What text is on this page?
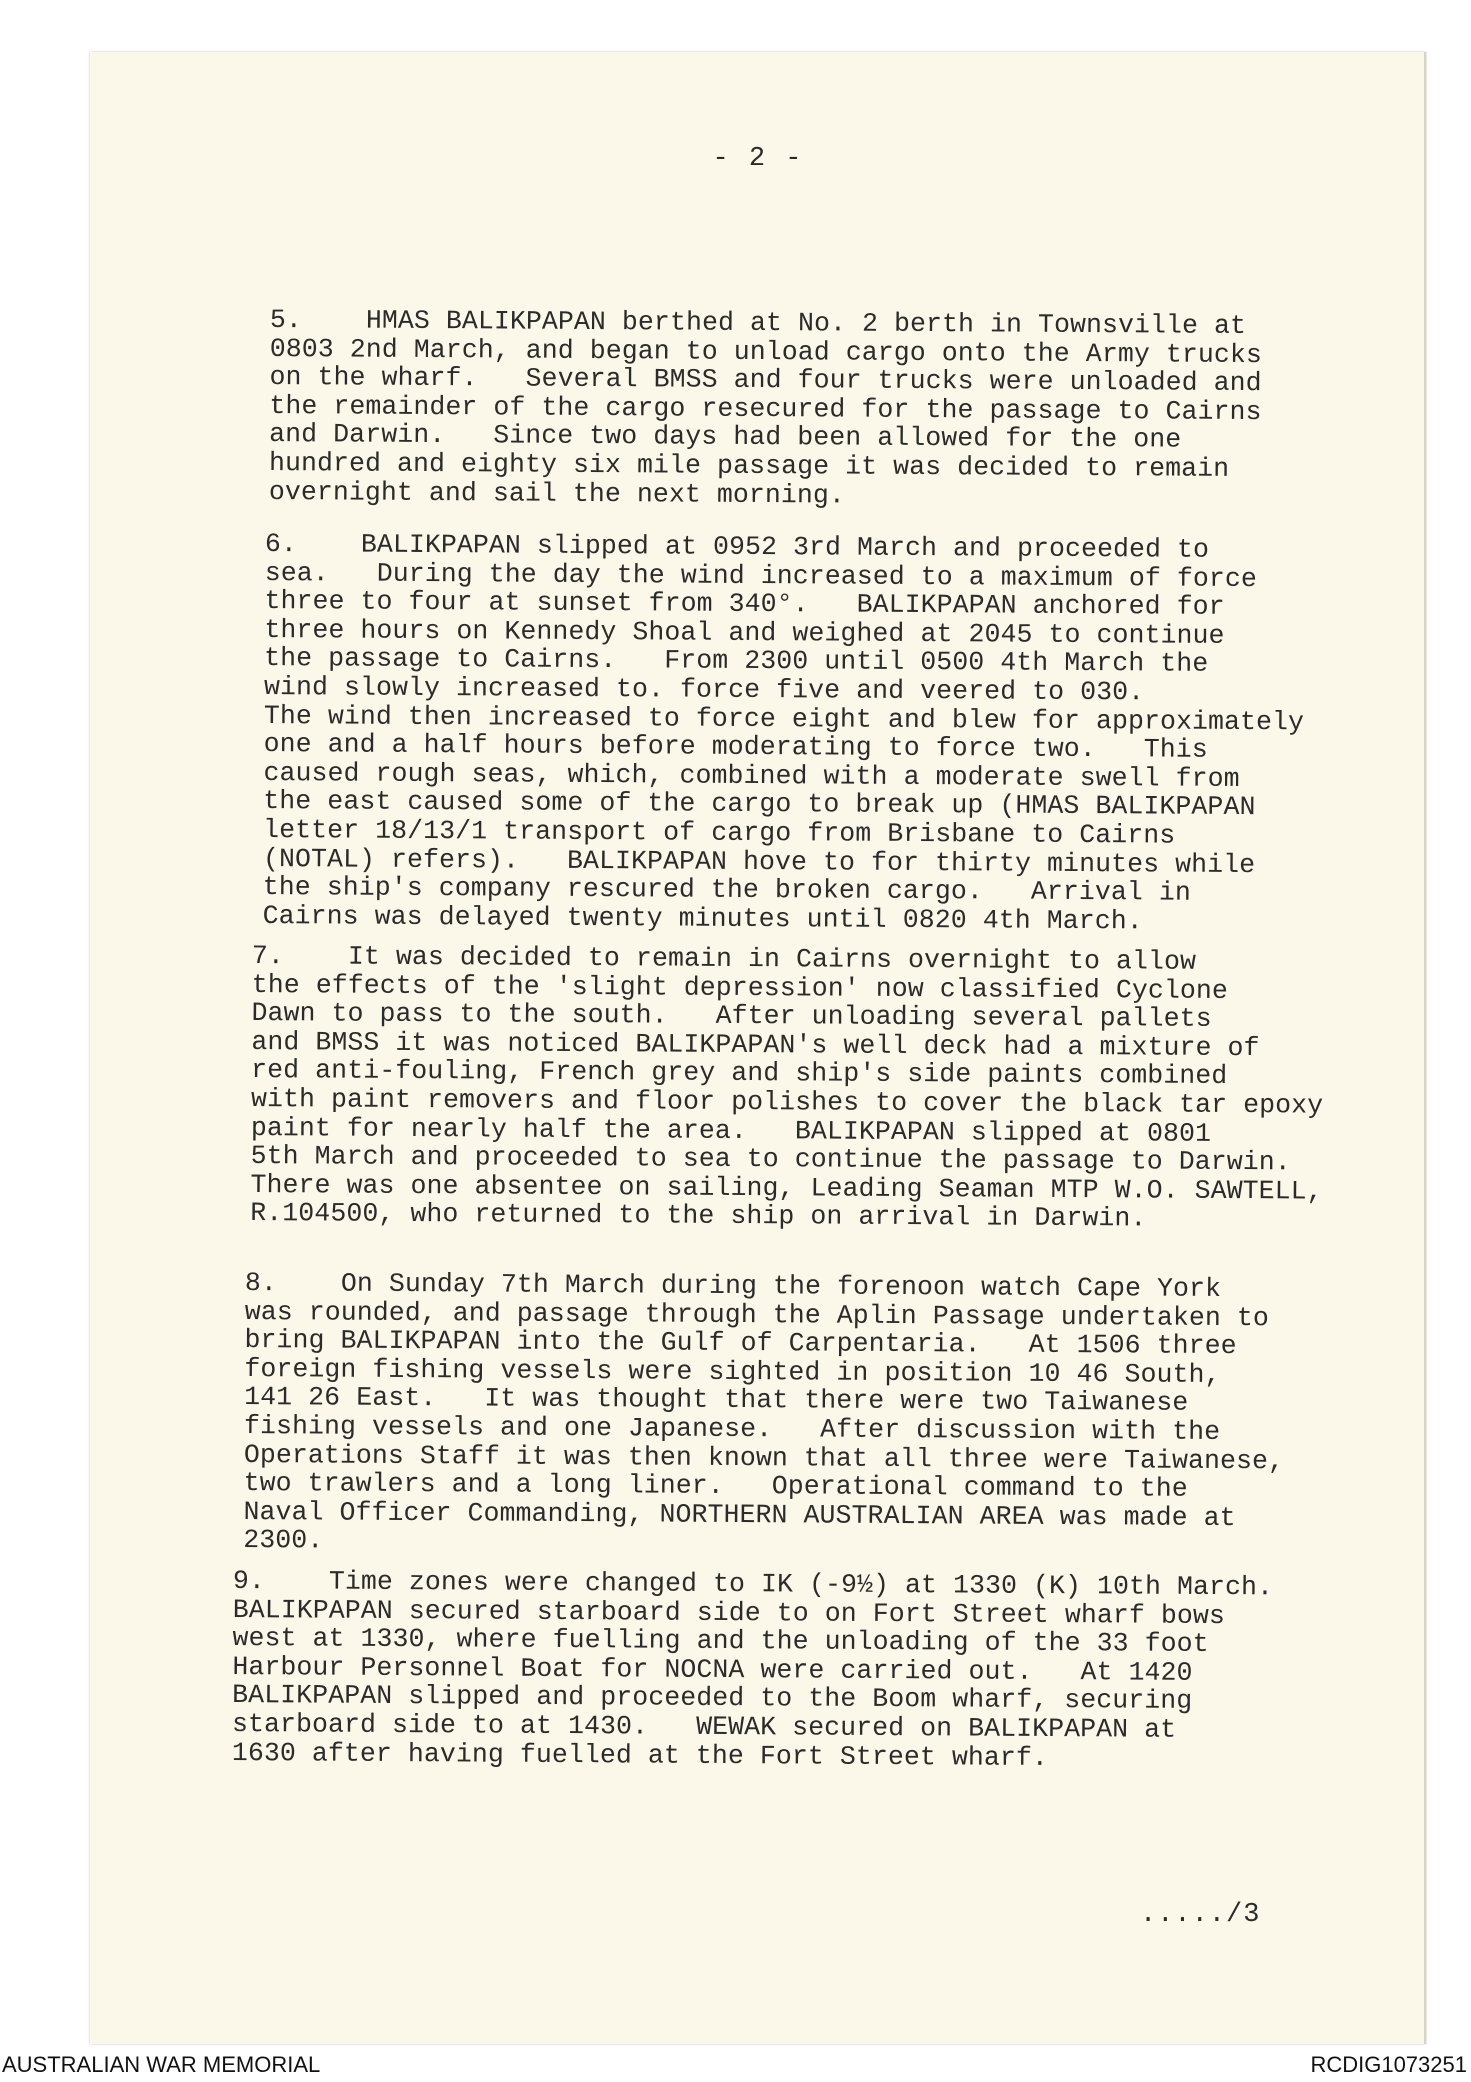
- 2 -
5.    HMAS BALIKPAPAN berthed at No. 2 berth in Townsville at
0803 2nd March, and began to unload cargo onto the Army trucks
on the wharf.   Several BMSS and four trucks were unloaded and
the remainder of the cargo resecured for the passage to Cairns
and Darwin.   Since two days had been allowed for the one
hundred and eighty six mile passage it was decided to remain
overnight and sail the next morning.
6.    BALIKPAPAN slipped at 0952 3rd March and proceeded to
sea.   During the day the wind increased to a maximum of force
three to four at sunset from 340°.   BALIKPAPAN anchored for
three hours on Kennedy Shoal and weighed at 2045 to continue
the passage to Cairns.   From 2300 until 0500 4th March the
wind slowly increased to. force five and veered to 030.
The wind then increased to force eight and blew for approximately
one and a half hours before moderating to force two.   This
caused rough seas, which, combined with a moderate swell from
the east caused some of the cargo to break up (HMAS BALIKPAPAN
letter 18/13/1 transport of cargo from Brisbane to Cairns
(NOTAL) refers).   BALIKPAPAN hove to for thirty minutes while
the ship's company rescured the broken cargo.   Arrival in
Cairns was delayed twenty minutes until 0820 4th March.
7.    It was decided to remain in Cairns overnight to allow
the effects of the 'slight depression' now classified Cyclone
Dawn to pass to the south.   After unloading several pallets
and BMSS it was noticed BALIKPAPAN's well deck had a mixture of
red anti-fouling, French grey and ship's side paints combined
with paint removers and floor polishes to cover the black tar epoxy
paint for nearly half the area.   BALIKPAPAN slipped at 0801
5th March and proceeded to sea to continue the passage to Darwin.
There was one absentee on sailing, Leading Seaman MTP W.O. SAWTELL,
R.104500, who returned to the ship on arrival in Darwin.
8.    On Sunday 7th March during the forenoon watch Cape York
was rounded, and passage through the Aplin Passage undertaken to
bring BALIKPAPAN into the Gulf of Carpentaria.   At 1506 three
foreign fishing vessels were sighted in position 10 46 South,
141 26 East.   It was thought that there were two Taiwanese
fishing vessels and one Japanese.   After discussion with the
Operations Staff it was then known that all three were Taiwanese,
two trawlers and a long liner.   Operational command to the
Naval Officer Commanding, NORTHERN AUSTRALIAN AREA was made at
2300.
9.    Time zones were changed to IK (-9½) at 1330 (K) 10th March.
BALIKPAPAN secured starboard side to on Fort Street wharf bows
west at 1330, where fuelling and the unloading of the 33 foot
Harbour Personnel Boat for NOCNA were carried out.   At 1420
BALIKPAPAN slipped and proceeded to the Boom wharf, securing
starboard side to at 1430.   WEWAK secured on BALIKPAPAN at
1630 after having fuelled at the Fort Street wharf.
...../3
AUSTRALIAN WAR MEMORIAL	RCDIG1073251
